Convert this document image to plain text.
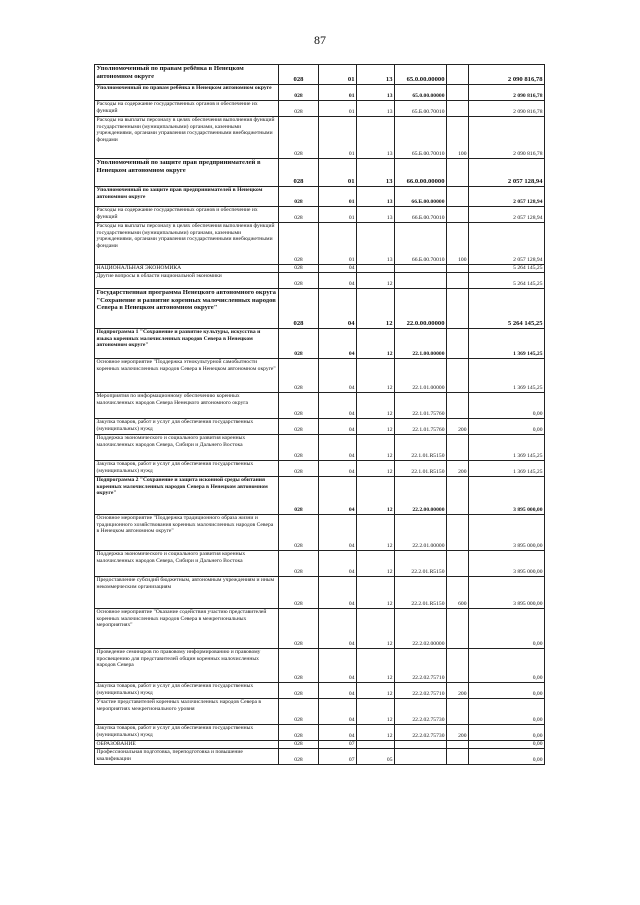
87
Уполномоченный по правам ребёнка в Ненецком автономном округе	028	01	13	65.0.00.00000		2 090 816,78
Уполномоченный по правам ребёнка в Ненецком автономном округе	028	01	13	65.0.00.00000		2 090 816,78
Расходы на содержание государственных органов и обеспечение их функций	028	01	13	65.Б.00.70010		2 090 816,78
Расходы на выплаты персоналу в целях обеспечения выполнения функций государственными (муниципальными) органами, казенными учреждениями, органами управления государственными внебюджетными фондами	028	01	13	65.Б.00.70010	100	2 090 816,78
Уполномоченный по защите прав предпринимателей в Ненецком автономном округе	028	01	13	66.0.00.00000		2 057 128,94
Уполномоченный по защите прав предпринимателей в Ненецком автономном округе	028	01	13	66.Б.00.00000		2 057 128,94
Расходы на содержание государственных органов и обеспечение их функций	028	01	13	66.Б.00.70010		2 057 128,94
Расходы на выплаты персоналу в целях обеспечения выполнения функций государственными (муниципальными) органами, казенными учреждениями, органами управления государственными внебюджетными фондами	028	01	13	66.Б.00.70010	100	2 057 128,94
НАЦИОНАЛЬНАЯ ЭКОНОМИКА	028	04				5 264 145,25
Другие вопросы в области национальной экономики	028	04	12			5 264 145,25
Государственная программа Ненецкого автономного округа "Сохранение и развитие коренных малочисленных народов Севера в Ненецком автономном округе"	028	04	12	22.0.00.00000		5 264 145,25
Подпрограмма 1 "Сохранение и развитие культуры, искусства и языка коренных малочисленных народов Севера в Ненецком автономном округе"	028	04	12	22.1.00.00000		1 369 145,25
Основное мероприятие "Поддержка этнокультурной самобытности коренных малочисленных народов Севера в Ненецком автономном округе"	028	04	12	22.1.01.00000		1 369 145,25
Мероприятия по информационному обеспечению коренных малочисленных народов Севера Ненецкого автономного округа	028	04	12	22.1.01.75760		0,00
Закупка товаров, работ и услуг для обеспечения государственных (муниципальных) нужд	028	04	12	22.1.01.75760	200	0,00
Поддержка экономического и социального развития коренных малочисленных народов Севера, Сибири и Дальнего Востока	028	04	12	22.1.01.R5150		1 369 145,25
Закупка товаров, работ и услуг для обеспечения государственных (муниципальных) нужд	028	04	12	22.1.01.R5150	200	1 369 145,25
Подпрограмма 2 "Сохранение и защита исконной среды обитания коренных малочисленных народов Севера в Ненецком автономном округе"	028	04	12	22.2.00.00000		3 895 000,00
Основное мероприятие "Поддержка традиционного образа жизни и традиционного хозяйствования коренных малочисленных народов Севера в Ненецком автономном округе"	028	04	12	22.2.01.00000		3 895 000,00
Поддержка экономического и социального развития коренных малочисленных народов Севера, Сибири и Дальнего Востока	028	04	12	22.2.01.R5150		3 895 000,00
Предоставление субсидий бюджетным, автономным учреждениям и иным некоммерческим организациям	028	04	12	22.2.01.R5150	600	3 895 000,00
Основное мероприятие "Оказание содействия участию представителей коренных малочисленных народов Севера в межрегиональных мероприятиях"	028	04	12	22.2.02.00000		0,00
Проведение семинаров по правовому информированию и правовому просвещению для представителей общин коренных малочисленных народов Севера	028	04	12	22.2.02.75710		0,00
Закупка товаров, работ и услуг для обеспечения государственных (муниципальных) нужд	028	04	12	22.2.02.75710	200	0,00
Участие представителей коренных малочисленных народов Севера в мероприятиях межрегионального уровня	028	04	12	22.2.02.75730		0,00
Закупка товаров, работ и услуг для обеспечения государственных (муниципальных) нужд	028	04	12	22.2.02.75730	200	0,00
ОБРАЗОВАНИЕ	028	07				0,00
Профессиональная подготовка, переподготовка и повышение квалификации	028	07	05			0,00
